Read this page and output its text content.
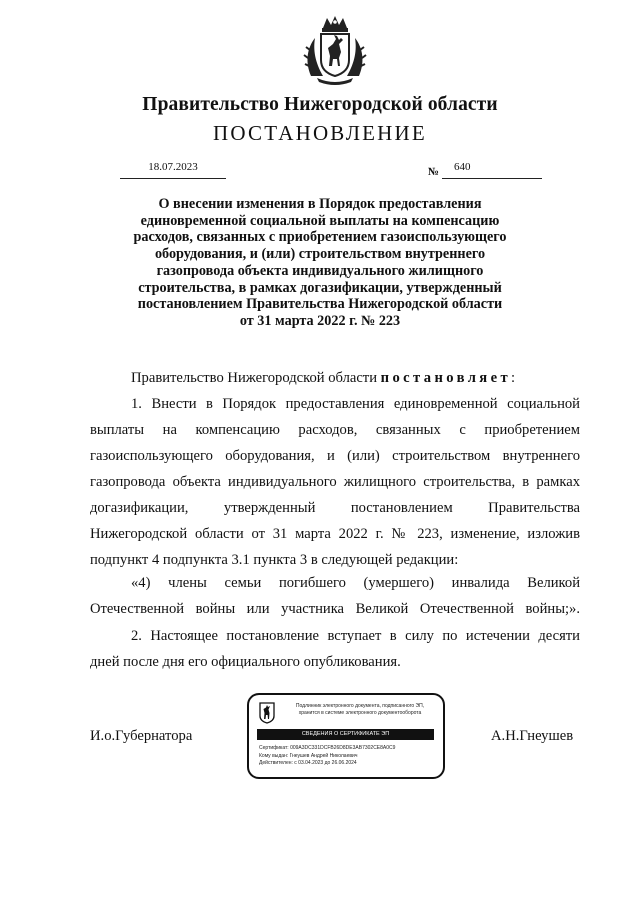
Правительство Нижегородской области
ПОСТАНОВЛЕНИЕ
18.07.2023	№ 640
О внесении изменения в Порядок предоставления
единовременной социальной выплаты на компенсацию
расходов, связанных с приобретением газоиспользующего
оборудования, и (или) строительством внутреннего
газопровода объекта индивидуального жилищного
строительства, в рамках догазификации, утвержденный
постановлением Правительства Нижегородской области
от 31 марта 2022 г. № 223
Правительство Нижегородской области постановляет:
1. Внести в Порядок предоставления единовременной социальной
выплаты на компенсацию расходов, связанных с приобретением
газоиспользующего оборудования, и (или) строительством внутреннего
газопровода объекта индивидуального жилищного строительства, в рамках
догазификации, утвержденный постановлением Правительства
Нижегородской области от 31 марта 2022 г. № 223, изменение, изложив
подпункт 4 подпункта 3.1 пункта 3 в следующей редакции:
«4) члены семьи погибшего (умершего) инвалида Великой
Отечественной войны или участника Великой Отечественной войны;».
2. Настоящее постановление вступает в силу по истечении десяти
дней после дня его официального опубликования.
И.о.Губернатора	А.Н.Гнеушев
Подлинник электронного документа, подписанного ЭП,
хранится в системе электронного документооборота
СВЕДЕНИЯ О СЕРТИФИКАТЕ ЭП
Сертификат: 009A3DC331DCFB26D8DE3AB7302CE8A0C9
Кому выдан: Гнеушев Андрей Николаевич
Действителен: с 03.04.2023 до 26.06.2024
